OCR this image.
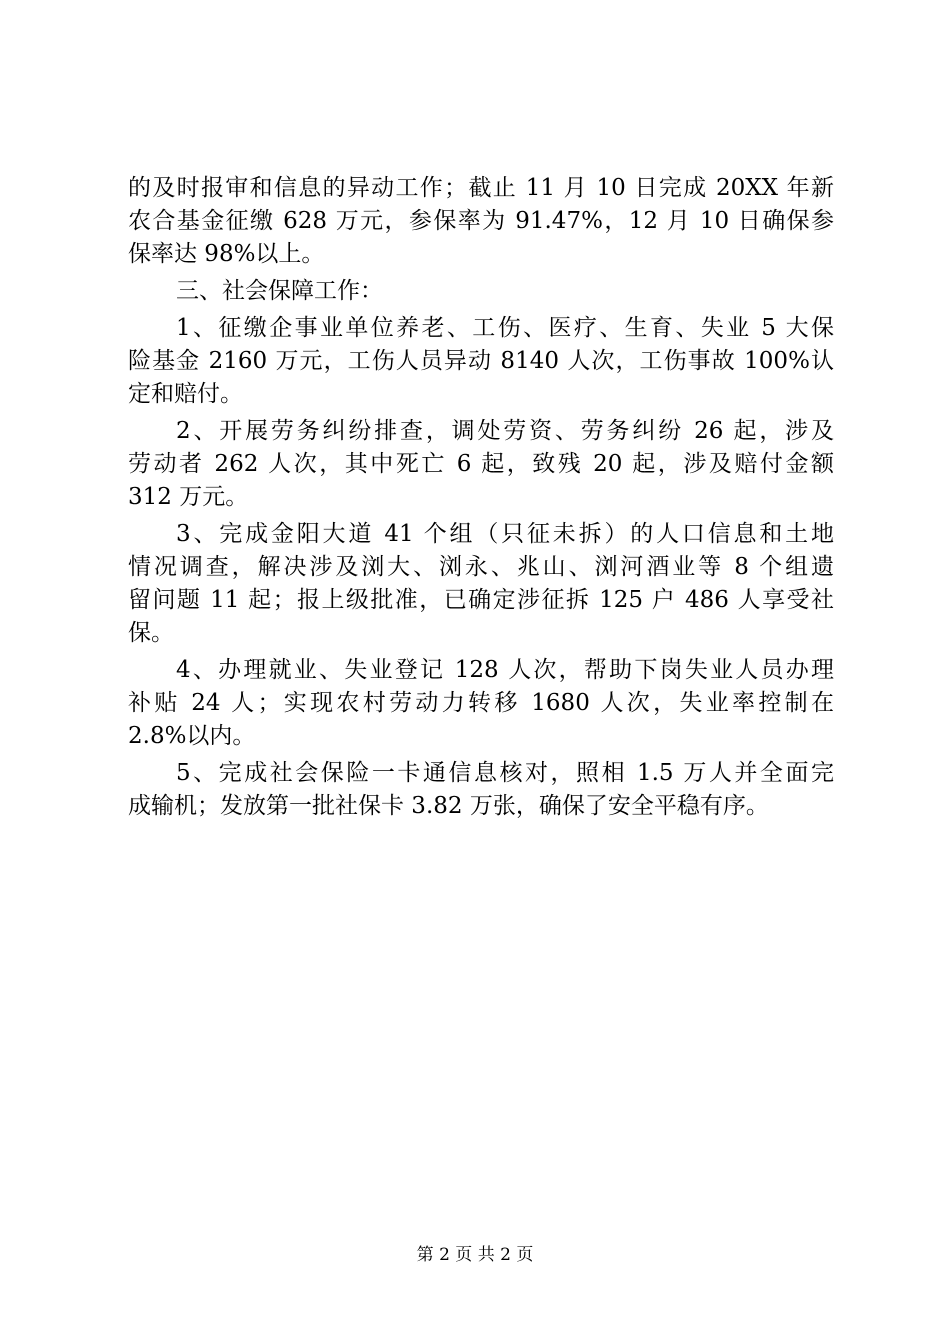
的及时报审和信息的异动工作；截止 11 月 10 日完成 20XX 年新
农合基金征缴 628 万元，参保率为 91.47%，12 月 10 日确保参
保率达 98%以上。
三、社会保障工作：
1、征缴企事业单位养老、工伤、医疗、生育、失业 5 大保
险基金 2160 万元，工伤人员异动 8140 人次，工伤事故 100%认
定和赔付。
2、开展劳务纠纷排查，调处劳资、劳务纠纷 26 起，涉及
劳动者 262 人次，其中死亡 6 起，致残 20 起，涉及赔付金额
312 万元。
3、完成金阳大道 41 个组（只征未拆）的人口信息和土地
情况调查，解决涉及浏大、浏永、兆山、浏河酒业等 8 个组遗
留问题 11 起；报上级批准，已确定涉征拆 125 户 486 人享受社
保。
4、办理就业、失业登记 128 人次，帮助下岗失业人员办理
补贴 24 人；实现农村劳动力转移 1680 人次，失业率控制在
2.8%以内。
5、完成社会保险一卡通信息核对，照相 1.5 万人并全面完
成输机；发放第一批社保卡 3.82 万张，确保了安全平稳有序。
第 2 页 共 2 页
